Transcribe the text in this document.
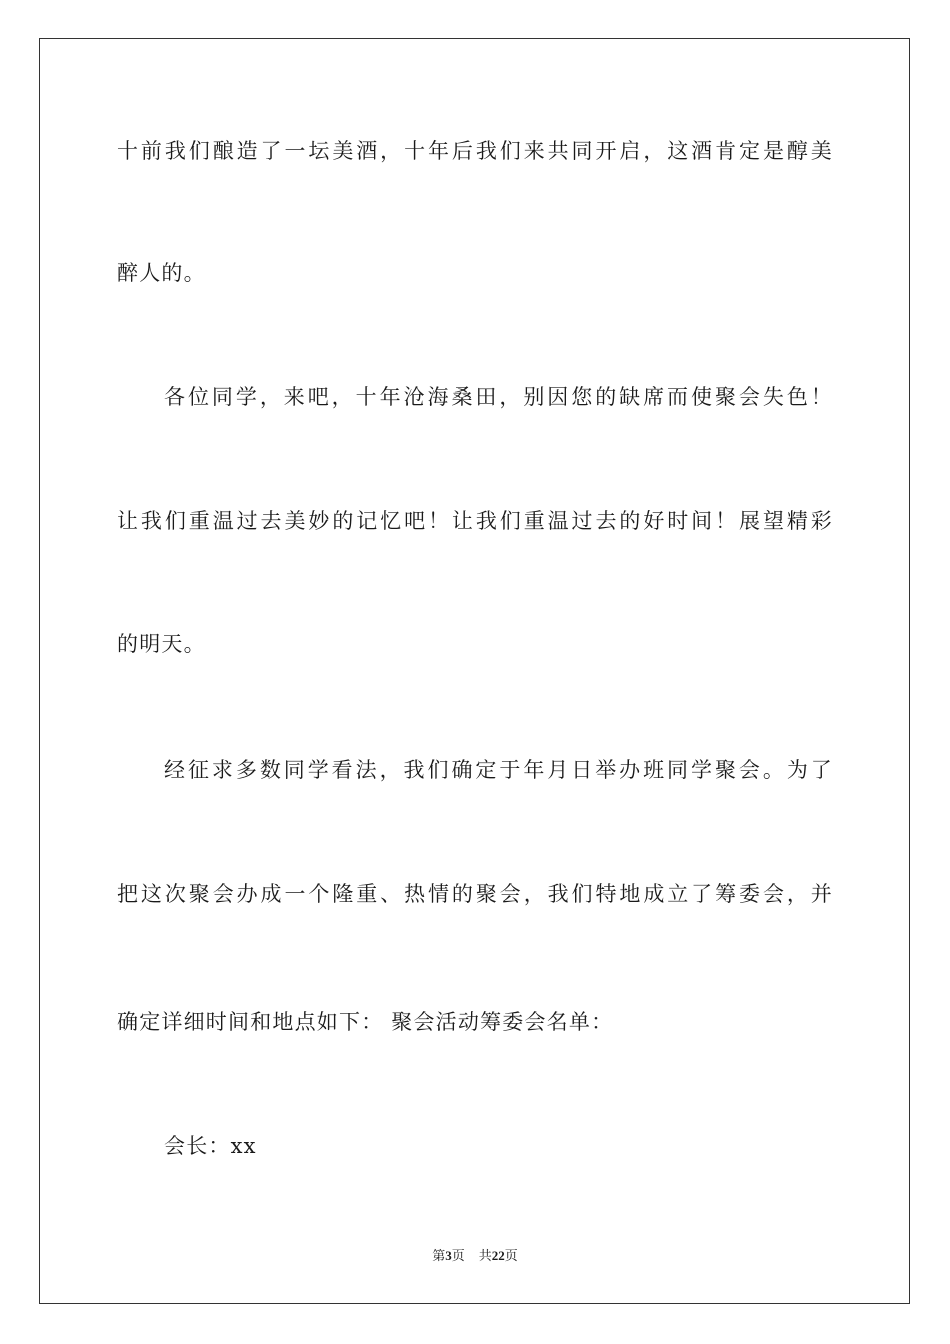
十前我们酿造了一坛美酒，十年后我们来共同开启，这酒肯定是醇美
醉人的。
各位同学，来吧，十年沧海桑田，别因您的缺席而使聚会失色！
让我们重温过去美妙的记忆吧！让我们重温过去的好时间！展望精彩
的明天。
经征求多数同学看法，我们确定于年月日举办班同学聚会。为了
把这次聚会办成一个隆重、热情的聚会，我们特地成立了筹委会，并
确定详细时间和地点如下： 聚会活动筹委会名单：
会长：xx
第3页 共22页
